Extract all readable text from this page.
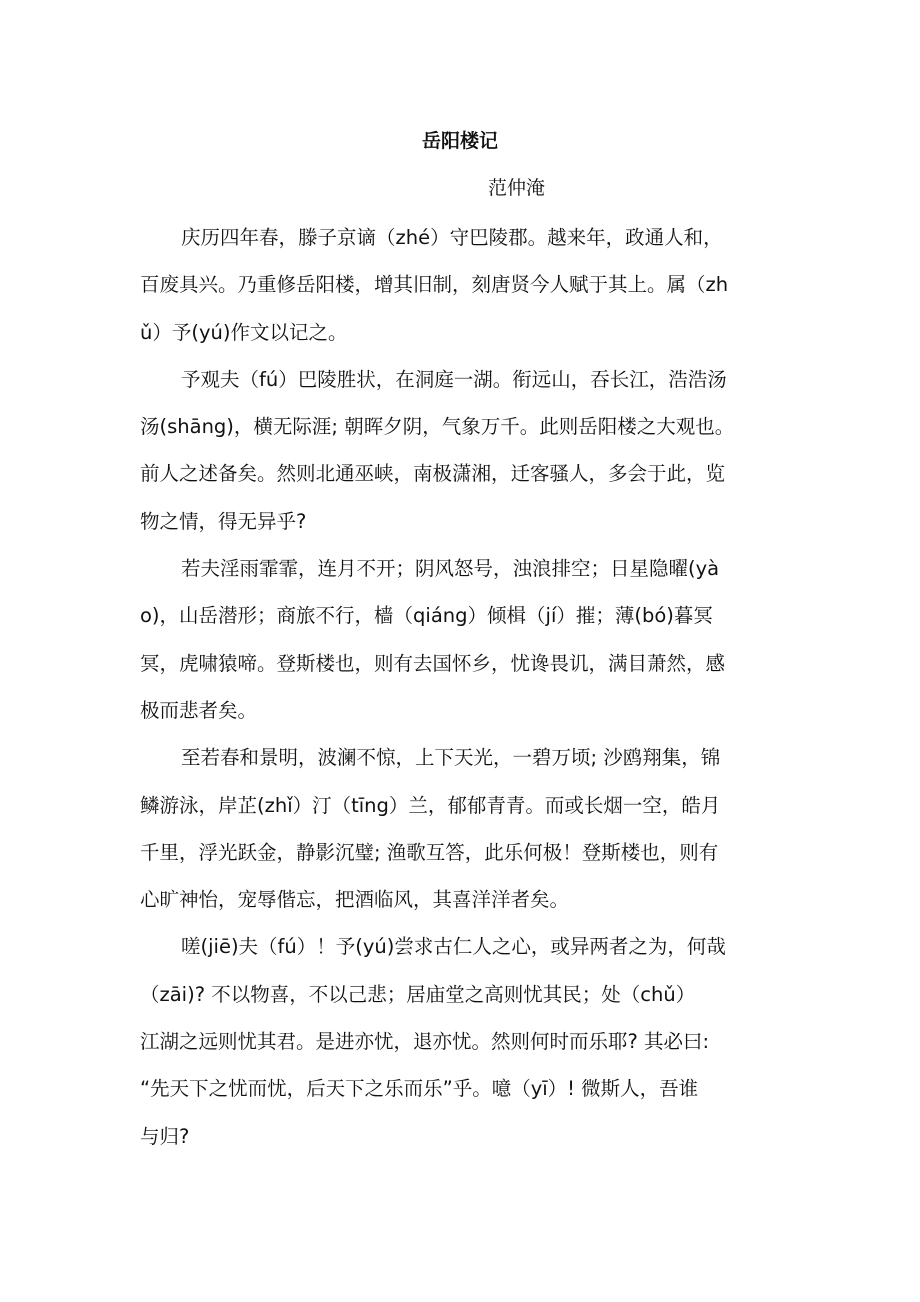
岳阳楼记
范仲淹
庆历四年春，滕子京谪（zhé）守巴陵郡。越来年，政通人和，
百废具兴。乃重修岳阳楼，增其旧制，刻唐贤今人赋于其上。属（zh
ǔ）予(yú)作文以记之。
予观夫（fú）巴陵胜状，在洞庭一湖。衔远山，吞长江，浩浩汤
汤(shāng)，横无际涯; 朝晖夕阴，气象万千。此则岳阳楼之大观也。
前人之述备矣。然则北通巫峡，南极潇湘，迁客骚人，多会于此，览
物之情，得无异乎?
若夫淫雨霏霏，连月不开；阴风怒号，浊浪排空；日星隐曜(yà
o)，山岳潜形；商旅不行，樯（qiáng）倾楫（jí）摧；薄(bó)暮冥
冥，虎啸猿啼。登斯楼也，则有去国怀乡，忧谗畏讥，满目萧然，感
极而悲者矣。
至若春和景明，波澜不惊，上下天光，一碧万顷; 沙鸥翔集，锦
鳞游泳，岸芷(zhǐ）汀（tīng）兰，郁郁青青。而或长烟一空，皓月
千里，浮光跃金，静影沉璧; 渔歌互答，此乐何极！登斯楼也，则有
心旷神怡，宠辱偕忘，把酒临风，其喜洋洋者矣。
嗟(jiē)夫（fú）！予(yú)尝求古仁人之心，或异两者之为，何哉
（zāi)? 不以物喜，不以己悲；居庙堂之高则忧其民；处（chǔ）
江湖之远则忧其君。是进亦忧，退亦忧。然则何时而乐耶? 其必曰:
“先天下之忧而忧，后天下之乐而乐”乎。噫（yī）! 微斯人，吾谁
与归?
